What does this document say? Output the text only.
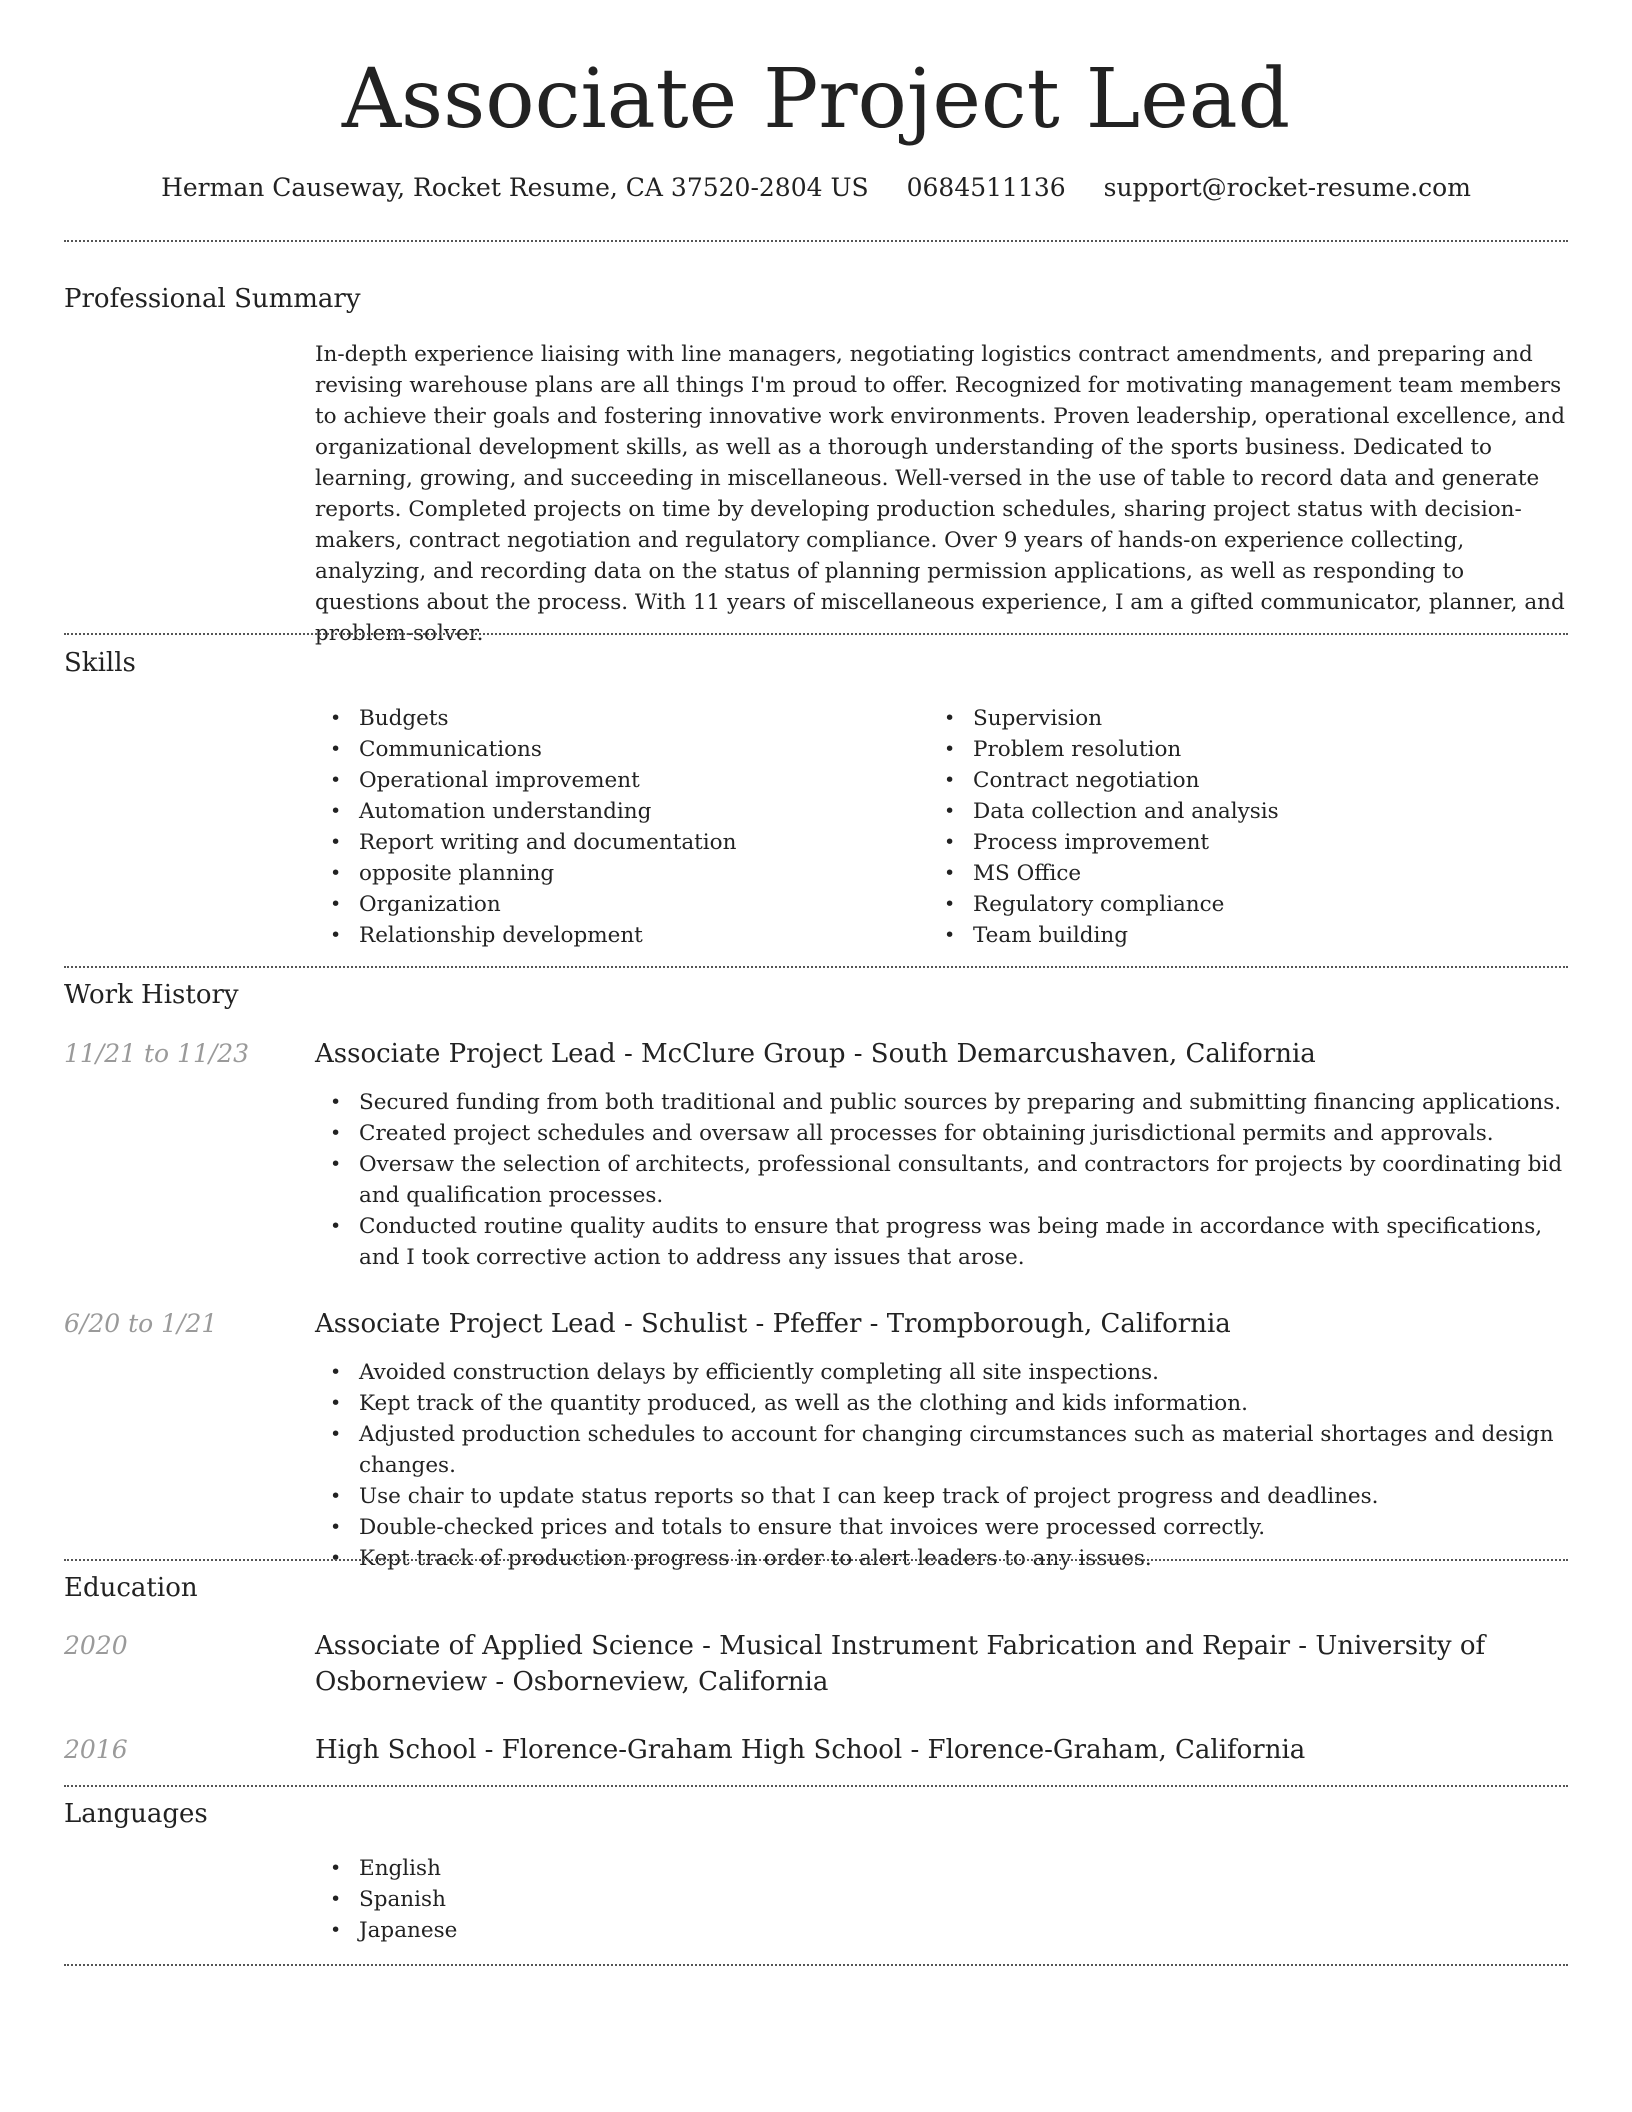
Associate Project Lead
Herman Causeway, Rocket Resume, CA 37520-2804 US 0684511136 support@rocket-resume.com
Professional Summary
In-depth experience liaising with line managers, negotiating logistics contract amendments, and preparing and revising warehouse plans are all things I'm proud to offer. Recognized for motivating management team members to achieve their goals and fostering innovative work environments. Proven leadership, operational excellence, and organizational development skills, as well as a thorough understanding of the sports business. Dedicated to learning, growing, and succeeding in miscellaneous. Well-versed in the use of table to record data and generate reports. Completed projects on time by developing production schedules, sharing project status with decision-makers, contract negotiation and regulatory compliance. Over 9 years of hands-on experience collecting, analyzing, and recording data on the status of planning permission applications, as well as responding to questions about the process. With 11 years of miscellaneous experience, I am a gifted communicator, planner, and problem-solver.
Skills
• Budgets
• Communications
• Operational improvement
• Automation understanding
• Report writing and documentation
• opposite planning
• Organization
• Relationship development
• Supervision
• Problem resolution
• Contract negotiation
• Data collection and analysis
• Process improvement
• MS Office
• Regulatory compliance
• Team building
Work History
11/21 to 11/23	Associate Project Lead - McClure Group - South Demarcushaven, California
• Secured funding from both traditional and public sources by preparing and submitting financing applications.
• Created project schedules and oversaw all processes for obtaining jurisdictional permits and approvals.
• Oversaw the selection of architects, professional consultants, and contractors for projects by coordinating bid and qualification processes.
• Conducted routine quality audits to ensure that progress was being made in accordance with specifications, and I took corrective action to address any issues that arose.
6/20 to 1/21	Associate Project Lead - Schulist - Pfeffer - Trompborough, California
• Avoided construction delays by efficiently completing all site inspections.
• Kept track of the quantity produced, as well as the clothing and kids information.
• Adjusted production schedules to account for changing circumstances such as material shortages and design changes.
• Use chair to update status reports so that I can keep track of project progress and deadlines.
• Double-checked prices and totals to ensure that invoices were processed correctly.
• Kept track of production progress in order to alert leaders to any issues.
Education
2020	Associate of Applied Science - Musical Instrument Fabrication and Repair - University of Osborneview - Osborneview, California
2016	High School - Florence-Graham High School - Florence-Graham, California
Languages
• English
• Spanish
• Japanese
